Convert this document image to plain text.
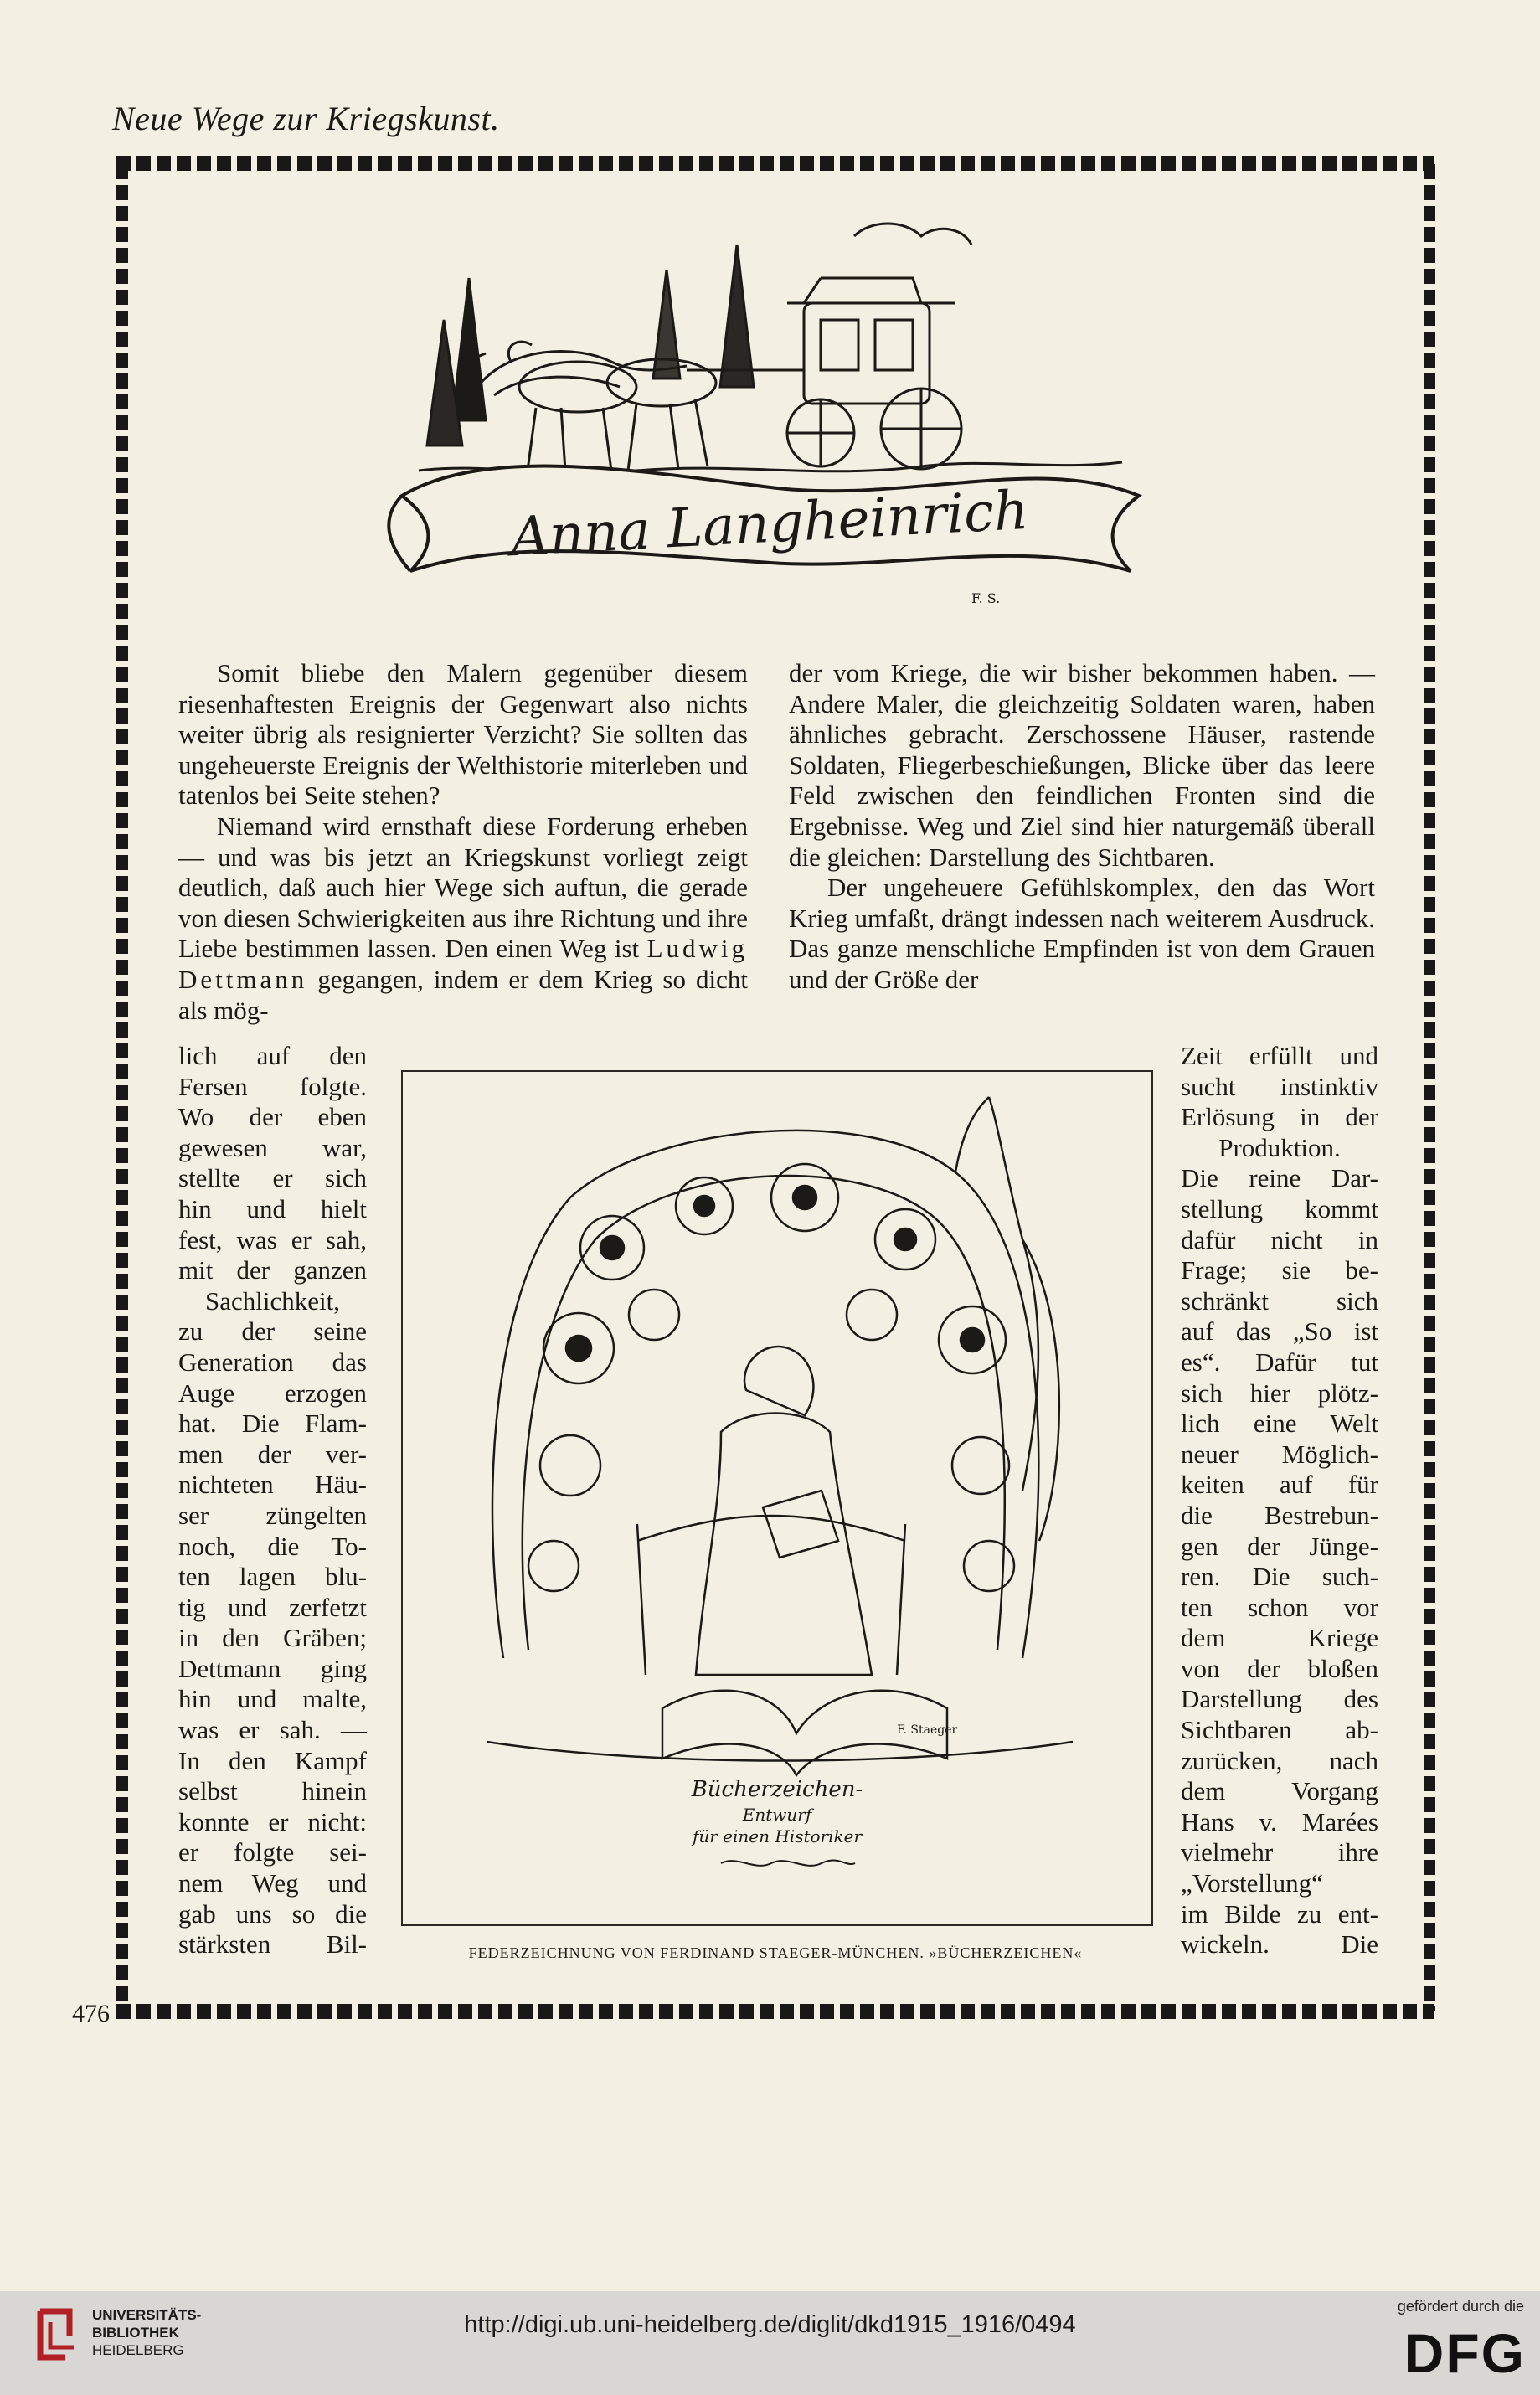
Neue Wege zur Kriegskunst.
Anna Langheinrich
F. S.

Somit bliebe den Malern gegenüber diesem riesenhaftesten Ereignis der Gegenwart also nichts weiter übrig als resignierter Verzicht? Sie sollten das ungeheuerste Ereignis der Welthistorie miterleben und tatenlos bei Seite stehen?

Niemand wird ernsthaft diese Forderung erheben — und was bis jetzt an Kriegskunst vorliegt zeigt deutlich, daß auch hier Wege sich auftun, die gerade von diesen Schwierigkeiten aus ihre Richtung und ihre Liebe bestimmen lassen. Den einen Weg ist Ludwig Dettmann gegangen, indem er dem Krieg so dicht als mög-

der vom Kriege, die wir bisher bekommen haben. — Andere Maler, die gleichzeitig Soldaten waren, haben ähnliches gebracht. Zerschossene Häuser, rastende Soldaten, Fliegerbeschießungen, Blicke über das leere Feld zwischen den feindlichen Fronten sind die Ergebnisse. Weg und Ziel sind hier naturgemäß überall die gleichen: Darstellung des Sichtbaren.

Der ungeheuere Gefühlskomplex, den das Wort Krieg umfaßt, drängt indessen nach weiterem Ausdruck. Das ganze menschliche Empfinden ist von dem Grauen und der Größe der

lich auf den
Fersen folgte.
Wo der eben
gewesen war,
stellte er sich
hin und hielt
fest, was er sah,
mit der ganzen
Sachlichkeit,
zu der seine
Generation das
Auge erzogen
hat. Die Flam-
men der ver-
nichteten Häu-
ser züngelten
noch, die To-
ten lagen blu-
tig und zerfetzt
in den Gräben;
Dettmann ging
hin und malte,
was er sah. —
In den Kampf
selbst hinein
konnte er nicht:
er folgte sei-
nem Weg und
gab uns so die
stärksten Bil-
Zeit erfüllt und
sucht instinktiv
Erlösung in der
Produktion.
Die reine Dar-
stellung kommt
dafür nicht in
Frage; sie be-
schränkt sich
auf das „So ist
es“. Dafür tut
sich hier plötz-
lich eine Welt
neuer Möglich-
keiten auf für
die Bestrebun-
gen der Jünge-
ren. Die such-
ten schon vor
dem Kriege
von der bloßen
Darstellung des
Sichtbaren ab-
zurücken, nach
dem Vorgang
Hans v. Marées
vielmehr ihre
„Vorstellung“
im Bilde zu ent-
wickeln. Die
F. Staeger
Bücherzeichen-
Entwurf
für einen Historiker
FEDERZEICHNUNG VON FERDINAND STAEGER-MÜNCHEN. »BÜCHERZEICHEN«
476
UNIVERSITÄTS-
BIBLIOTHEK
HEIDELBERG
http://digi.ub.uni-heidelberg.de/diglit/dkd1915_1916/0494
gefördert durch die
DFG
